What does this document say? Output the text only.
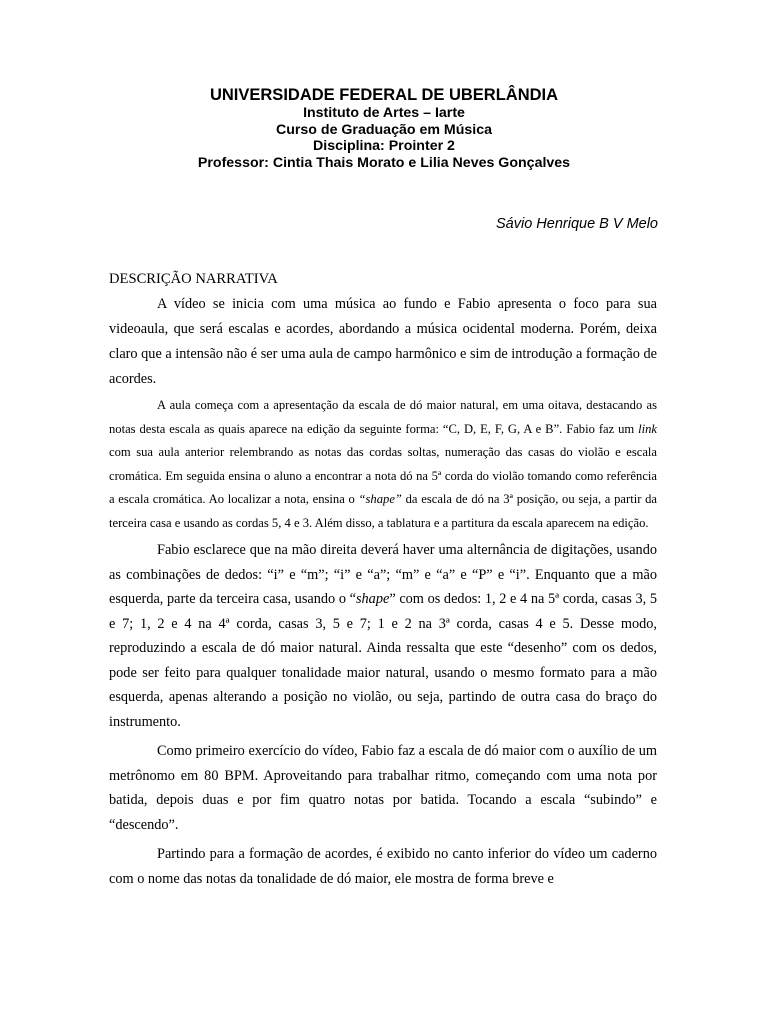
UNIVERSIDADE FEDERAL DE UBERLÂNDIA
Instituto de Artes – Iarte
Curso de Graduação em Música
Disciplina: Prointer 2
Professor: Cintia Thais Morato e Lilia Neves Gonçalves
Sávio Henrique B V Melo
DESCRIÇÃO NARRATIVA

A vídeo se inicia com uma música ao fundo e Fabio apresenta o foco para sua videoaula, que será escalas e acordes, abordando a música ocidental moderna. Porém, deixa claro que a intensão não é ser uma aula de campo harmônico e sim de introdução a formação de acordes.

A aula começa com a apresentação da escala de dó maior natural, em uma oitava, destacando as notas desta escala as quais aparece na edição da seguinte forma: “C, D, E, F, G, A e B”. Fabio faz um link com sua aula anterior relembrando as notas das cordas soltas, numeração das casas do violão e escala cromática. Em seguida ensina o aluno a encontrar a nota dó na 5ª corda do violão tomando como referência a escala cromática. Ao localizar a nota, ensina o “shape” da escala de dó na 3ª posição, ou seja, a partir da terceira casa e usando as cordas 5, 4 e 3. Além disso, a tablatura e a partitura da escala aparecem na edição.

Fabio esclarece que na mão direita deverá haver uma alternância de digitações, usando as combinações de dedos: “i” e “m”; “i” e “a”; “m” e “a” e “P” e “i”. Enquanto que a mão esquerda, parte da terceira casa, usando o “shape” com os dedos: 1, 2 e 4 na 5ª corda, casas 3, 5 e 7; 1, 2 e 4 na 4ª corda, casas 3, 5 e 7; 1 e 2 na 3ª corda, casas 4 e 5. Desse modo, reproduzindo a escala de dó maior natural. Ainda ressalta que este “desenho” com os dedos, pode ser feito para qualquer tonalidade maior natural, usando o mesmo formato para a mão esquerda, apenas alterando a posição no violão, ou seja, partindo de outra casa do braço do instrumento.

Como primeiro exercício do vídeo, Fabio faz a escala de dó maior com o auxílio de um metrônomo em 80 BPM. Aproveitando para trabalhar ritmo, começando com uma nota por batida, depois duas e por fim quatro notas por batida. Tocando a escala “subindo” e “descendo”.

Partindo para a formação de acordes, é exibido no canto inferior do vídeo um caderno com o nome das notas da tonalidade de dó maior, ele mostra de forma breve e
